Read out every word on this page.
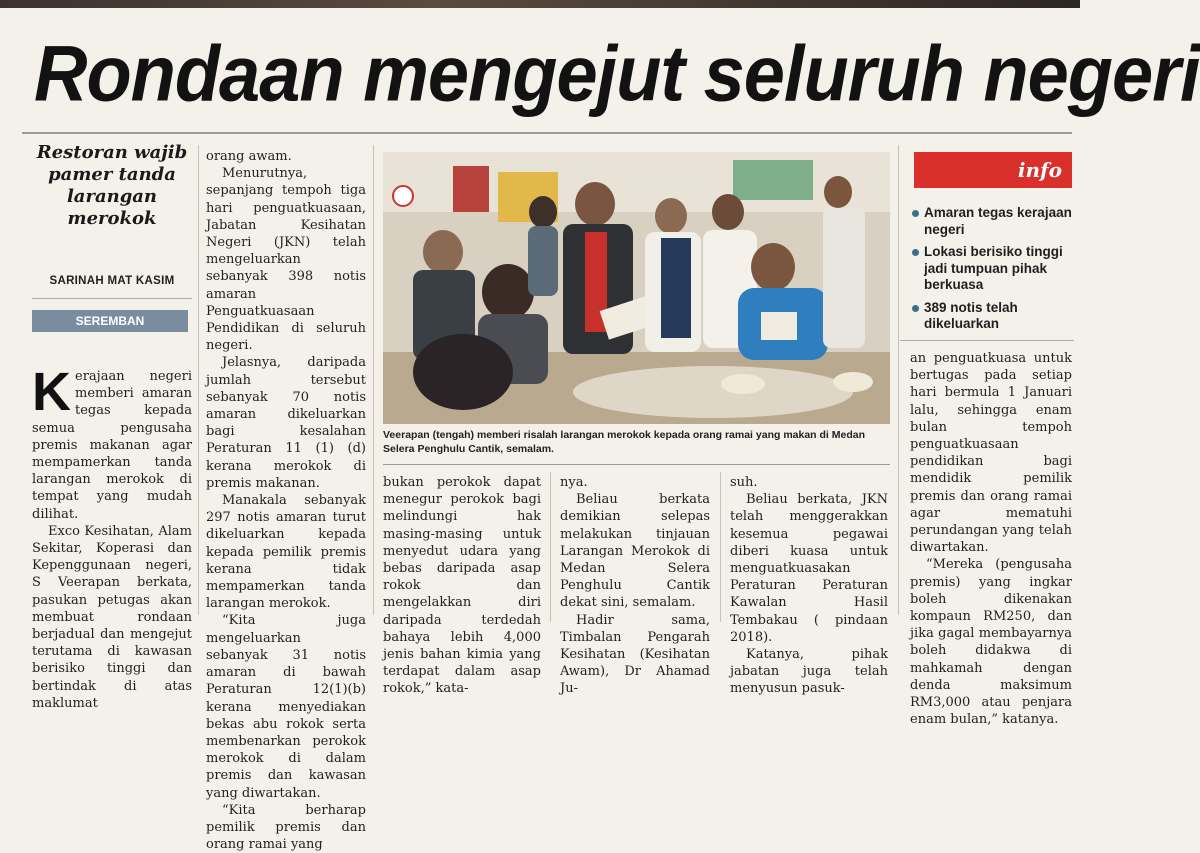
Rondaan mengejut seluruh negeri
Restoran wajib pamer tanda larangan merokok
SARINAH MAT KASIM
SEREMBAN

Kerajaan negeri memberi amaran tegas kepada semua pengusaha premis makanan agar mempamerkan tanda larangan merokok di tempat yang mudah dilihat.

Exco Kesihatan, Alam Sekitar, Koperasi dan Kepenggunaan negeri, S Veerapan berkata, pasukan petugas akan membuat rondaan berjadual dan mengejut terutama di kawasan berisiko tinggi dan bertindak di atas maklumat

orang awam.

Menurutnya, sepanjang tempoh tiga hari penguatkuasaan, Jabatan Kesihatan Negeri (JKN) telah mengeluarkan sebanyak 398 notis amaran Penguatkuasaan Pendidikan di seluruh negeri.

Jelasnya, daripada jumlah tersebut sebanyak 70 notis amaran dikeluarkan bagi kesalahan Peraturan 11 (1) (d) kerana merokok di premis makanan.

Manakala sebanyak 297 notis amaran turut dikeluarkan kepada kepada pemilik premis kerana tidak mempamerkan tanda larangan merokok.

“Kita juga mengeluarkan sebanyak 31 notis amaran di bawah Peraturan 12(1)(b) kerana menyediakan bekas abu rokok serta membenarkan perokok merokok di dalam premis dan kawasan yang diwartakan.

“Kita berharap pemilik premis dan orang ramai yang

Veerapan (tengah) memberi risalah larangan merokok kepada orang ramai yang makan di Medan Selera Penghulu Cantik, semalam.

bukan perokok dapat menegur perokok bagi melindungi hak masing-masing untuk menyedut udara yang bebas daripada asap rokok dan mengelakkan diri daripada terdedah bahaya lebih 4,000 jenis bahan kimia yang terdapat dalam asap rokok,” kata-

nya.

Beliau berkata demikian selepas melakukan tinjauan Larangan Merokok di Medan Selera Penghulu Cantik dekat sini, semalam.

Hadir sama, Timbalan Pengarah Kesihatan (Kesihatan Awam), Dr Ahamad Ju-

suh.

Beliau berkata, JKN telah menggerakkan kesemua pegawai diberi kuasa untuk menguatkuasakan Peraturan Peraturan Kawalan Hasil Tembakau ( pindaan 2018).

Katanya, pihak jabatan juga telah menyusun pasuk-

info
Amaran tegas kerajaan negeri
Lokasi berisiko tinggi jadi tumpuan pihak berkuasa
389 notis telah dikeluarkan

an penguatkuasa untuk bertugas pada setiap hari bermula 1 Januari lalu, sehingga enam bulan tempoh penguatkuasaan pendidikan bagi mendidik pemilik premis dan orang ramai agar mematuhi perundangan yang telah diwartakan.

“Mereka (pengusaha premis) yang ingkar boleh dikenakan kompaun RM250, dan jika gagal membayarnya boleh didakwa di mahkamah dengan denda maksimum RM3,000 atau penjara enam bulan,” katanya.
